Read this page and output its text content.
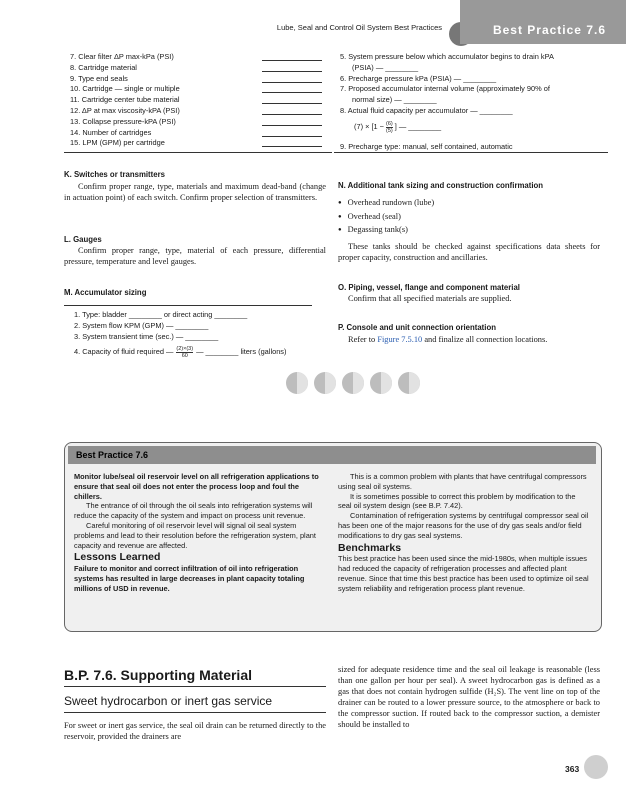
Lube, Seal and Control Oil System Best Practices	Best Practice 7.6
7. Clear filter ΔP max-kPa (PSI)
8. Cartridge material
9. Type end seals
10. Cartridge — single or multiple
11. Cartridge center tube material
12. ΔP at max viscosity-kPA (PSI)
13. Collapse pressure-kPA (PSI)
14. Number of cartridges
15. LPM (GPM) per cartridge
5. System pressure below which accumulator begins to drain kPA
(PSIA) — ________
6. Precharge pressure kPa (PSIA) — ________
7. Proposed accumulator internal volume (approximately 90% of
normal size) — ________
8. Actual fluid capacity per accumulator — ________
$(7) \times [1 - \frac{(6)}{(5)}$ ] — ________
9. Precharge type: manual, self contained, automatic
K. Switches or transmitters
Confirm proper range, type, materials and maximum dead-band (change in actuation point) of each switch. Confirm proper selection of transmitters.
L. Gauges
Confirm proper range, type, material of each pressure, differential pressure, temperature and level gauges.
M. Accumulator sizing
1. Type: bladder ________ or direct acting ________
2. System flow KPM (GPM) — ________
3. System transient time (sec.) — ________
4. Capacity of fluid required — $\frac{(2)\times(3)}{60}$ — ________ liters (gallons)
N. Additional tank sizing and construction confirmation
● Overhead rundown (lube)
● Overhead (seal)
● Degassing tank(s)
These tanks should be checked against specifications data sheets for proper capacity, construction and ancillaries.
O. Piping, vessel, flange and component material
Confirm that all specified materials are supplied.
P. Console and unit connection orientation
Refer to Figure 7.5.10 and finalize all connection locations.
Best Practice 7.6

Monitor lube/seal oil reservoir level on all refrigeration applications to ensure that seal oil does not enter the process loop and foul the chillers.

The entrance of oil through the oil seals into refrigeration systems will reduce the capacity of the system and impact on process unit revenue.

Careful monitoring of oil reservoir level will signal oil seal system problems and lead to their resolution before the refrigeration system, plant capacity and revenue are affected.

Lessons Learned

Failure to monitor and correct infiltration of oil into refrigeration systems has resulted in large decreases in plant capacity totaling millions of USD in revenue.

This is a common problem with plants that have centrifugal compressors using seal oil systems.

It is sometimes possible to correct this problem by modification to the seal oil system design (see B.P. 7.42).

Contamination of refrigeration systems by centrifugal compressor seal oil has been one of the major reasons for the use of dry gas seals and/or field modifications to dry gas seal systems.

Benchmarks

This best practice has been used since the mid-1980s, when multiple issues had reduced the capacity of refrigeration processes and affected plant revenue. Since that time this best practice has been used to optimize oil seal system reliability and refrigeration process plant revenue.

B.P. 7.6. Supporting Material
Sweet hydrocarbon or inert gas service
For sweet or inert gas service, the seal oil drain can be returned directly to the reservoir, provided the drainers are
sized for adequate residence time and the seal oil leakage is reasonable (less than one gallon per hour per seal). A sweet hydrocarbon gas is defined as a gas that does not contain hydrogen sulfide (H₂S). The vent line on top of the drainer can be routed to a lower pressure source, to the atmosphere or back to the compressor suction. If routed back to the compressor suction, a demister should be installed to
363
